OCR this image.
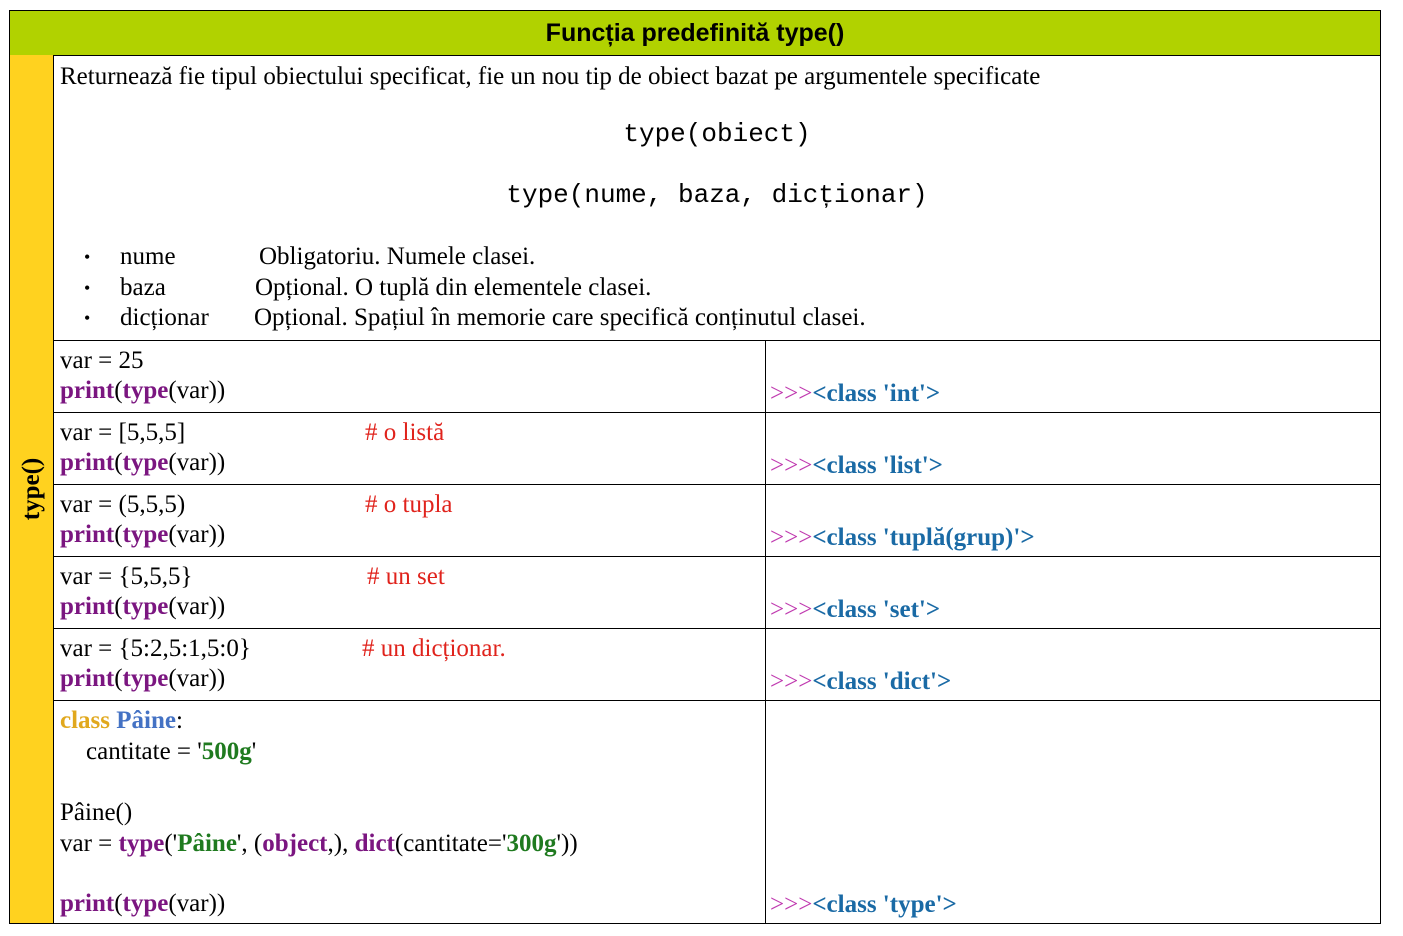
Funcția predefinită type()
type()
Returnează fie tipul obiectului specificat, fie un nou tip de obiect bazat pe argumentele specificate
type(obiect)
type(nume, baza, dicționar)
• nume	Obligatoriu. Numele clasei.
• baza	Opțional. O tuplă din elementele clasei.
• dicționar Opțional. Spațiul în memorie care specifică conținutul clasei.
var = 25
print(type(var))	>>><class 'int'>
var = [5,5,5]	# o listă
print(type(var))	>>><class 'list'>
var = (5,5,5)	# o tupla
print(type(var))	>>><class 'tuplă(grup)'>
var = {5,5,5}	# un set
print(type(var))	>>><class 'set'>
var = {5:2,5:1,5:0}	# un dicționar.
print(type(var))	>>><class 'dict'>
class Pâine:
cantitate = '500g'
Pâine()
var = type('Pâine', (object,), dict(cantitate='300g'))
print(type(var))	>>><class 'type'>
